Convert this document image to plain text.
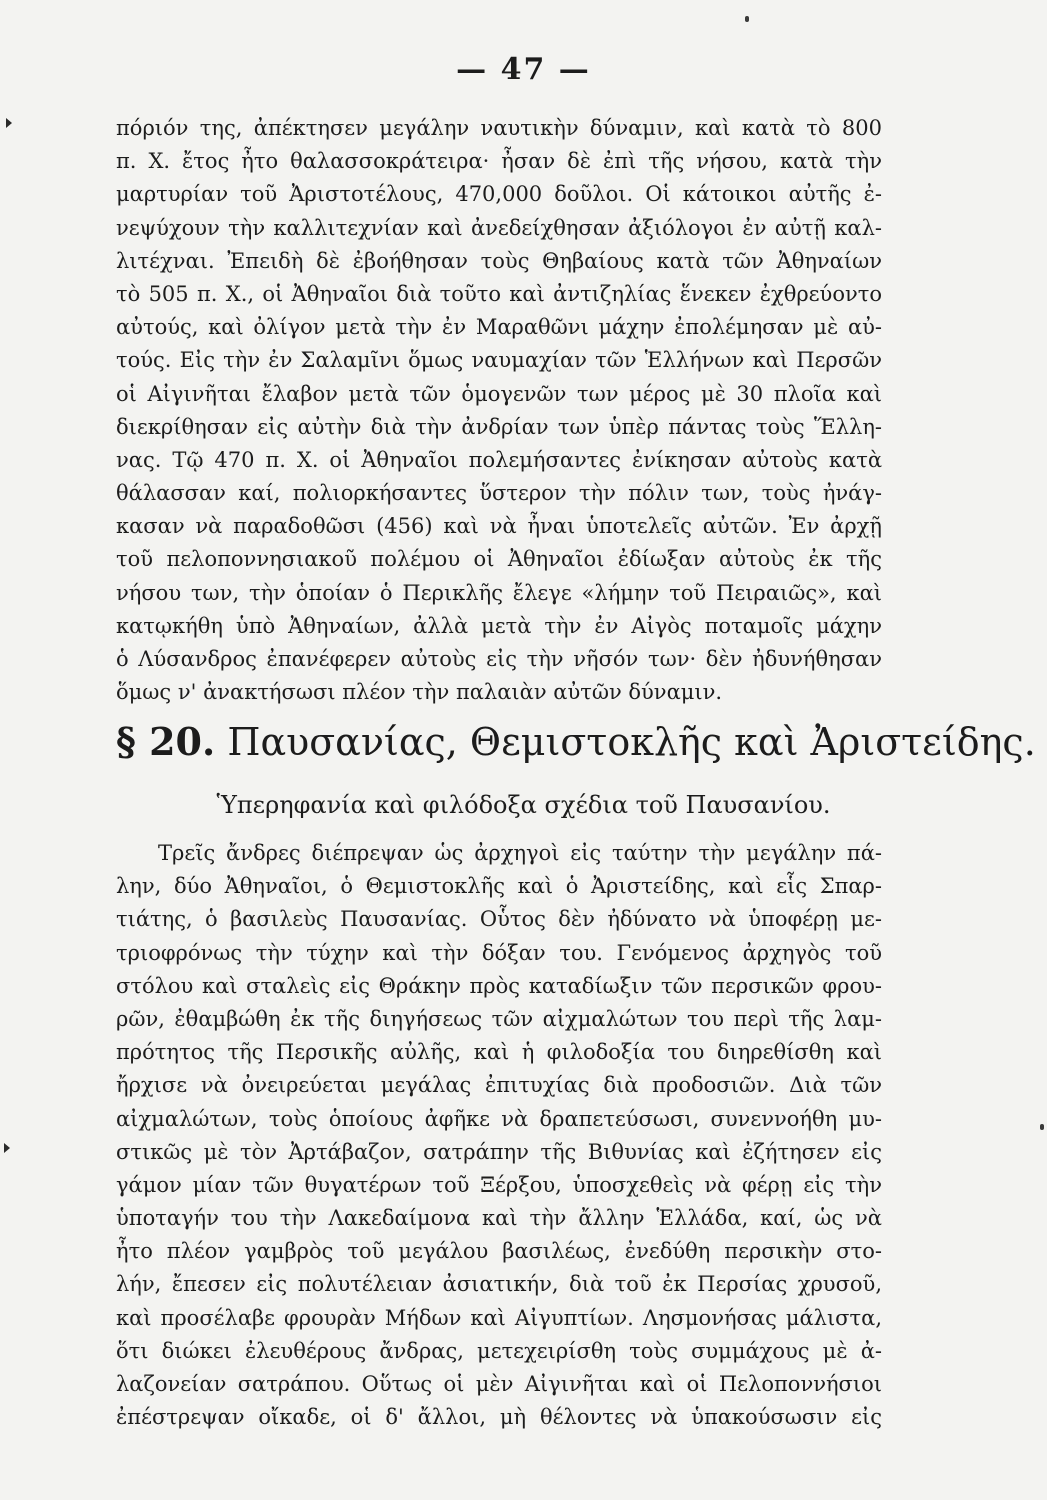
— 47 —
πόριόν της, ἀπέκτησεν μεγάλην ναυτικὴν δύναμιν, καὶ κατὰ τὸ 800
π. Χ. ἔτος ἦτο θαλασσοκράτειρα· ἦσαν δὲ ἐπὶ τῆς νήσου, κατὰ τὴν
μαρτυρίαν τοῦ Ἀριστοτέλους, 470,000 δοῦλοι. Οἱ κάτοικοι αὐτῆς ἐ-
νεψύχουν τὴν καλλιτεχνίαν καὶ ἀνεδείχθησαν ἀξιόλογοι ἐν αὐτῇ καλ-
λιτέχναι. Ἐπειδὴ δὲ ἐβοήθησαν τοὺς Θηβαίους κατὰ τῶν Ἀθηναίων
τὸ 505 π. Χ., οἱ Ἀθηναῖοι διὰ τοῦτο καὶ ἀντιζηλίας ἕνεκεν ἐχθρεύοντο
αὐτούς, καὶ ὀλίγον μετὰ τὴν ἐν Μαραθῶνι μάχην ἐπολέμησαν μὲ αὐ-
τούς. Εἰς τὴν ἐν Σαλαμῖνι ὅμως ναυμαχίαν τῶν Ἑλλήνων καὶ Περσῶν
οἱ Αἰγινῆται ἔλαβον μετὰ τῶν ὁμογενῶν των μέρος μὲ 30 πλοῖα καὶ
διεκρίθησαν εἰς αὐτὴν διὰ τὴν ἀνδρίαν των ὑπὲρ πάντας τοὺς Ἕλλη-
νας. Τῷ 470 π. Χ. οἱ Ἀθηναῖοι πολεμήσαντες ἐνίκησαν αὐτοὺς κατὰ
θάλασσαν καί, πολιορκήσαντες ὕστερον τὴν πόλιν των, τοὺς ἠνάγ-
κασαν νὰ παραδοθῶσι (456) καὶ νὰ ἦναι ὑποτελεῖς αὐτῶν. Ἐν ἀρχῇ
τοῦ πελοποννησιακοῦ πολέμου οἱ Ἀθηναῖοι ἐδίωξαν αὐτοὺς ἐκ τῆς
νήσου των, τὴν ὁποίαν ὁ Περικλῆς ἔλεγε «λήμην τοῦ Πειραιῶς», καὶ
κατῳκήθη ὑπὸ Ἀθηναίων, ἀλλὰ μετὰ τὴν ἐν Αἰγὸς ποταμοῖς μάχην
ὁ Λύσανδρος ἐπανέφερεν αὐτοὺς εἰς τὴν νῆσόν των· δὲν ἠδυνήθησαν
ὅμως ν' ἀνακτήσωσι πλέον τὴν παλαιὰν αὐτῶν δύναμιν.
§ 20. Παυσανίας, Θεμιστοκλῆς καὶ Ἀριστείδης.
Ὑπερηφανία καὶ φιλόδοξα σχέδια τοῦ Παυσανίου.
Τρεῖς ἄνδρες διέπρεψαν ὡς ἀρχηγοὶ εἰς ταύτην τὴν μεγάλην πά-
λην, δύο Ἀθηναῖοι, ὁ Θεμιστοκλῆς καὶ ὁ Ἀριστείδης, καὶ εἷς Σπαρ-
τιάτης, ὁ βασιλεὺς Παυσανίας. Οὗτος δὲν ἠδύνατο νὰ ὑποφέρῃ με-
τριοφρόνως τὴν τύχην καὶ τὴν δόξαν του. Γενόμενος ἀρχηγὸς τοῦ
στόλου καὶ σταλεὶς εἰς Θράκην πρὸς καταδίωξιν τῶν περσικῶν φρου-
ρῶν, ἐθαμβώθη ἐκ τῆς διηγήσεως τῶν αἰχμαλώτων του περὶ τῆς λαμ-
πρότητος τῆς Περσικῆς αὐλῆς, καὶ ἡ φιλοδοξία του διηρεθίσθη καὶ
ἤρχισε νὰ ὀνειρεύεται μεγάλας ἐπιτυχίας διὰ προδοσιῶν. Διὰ τῶν
αἰχμαλώτων, τοὺς ὁποίους ἀφῆκε νὰ δραπετεύσωσι, συνεννοήθη μυ-
στικῶς μὲ τὸν Ἀρτάβαζον, σατράπην τῆς Βιθυνίας καὶ ἐζήτησεν εἰς
γάμον μίαν τῶν θυγατέρων τοῦ Ξέρξου, ὑποσχεθεὶς νὰ φέρῃ εἰς τὴν
ὑποταγήν του τὴν Λακεδαίμονα καὶ τὴν ἄλλην Ἑλλάδα, καί, ὡς νὰ
ἦτο πλέον γαμβρὸς τοῦ μεγάλου βασιλέως, ἐνεδύθη περσικὴν στο-
λήν, ἔπεσεν εἰς πολυτέλειαν ἀσιατικήν, διὰ τοῦ ἐκ Περσίας χρυσοῦ,
καὶ προσέλαβε φρουρὰν Μήδων καὶ Αἰγυπτίων. Λησμονήσας μάλιστα,
ὅτι διώκει ἐλευθέρους ἄνδρας, μετεχειρίσθη τοὺς συμμάχους μὲ ἀ-
λαζονείαν σατράπου. Οὕτως οἱ μὲν Αἰγινῆται καὶ οἱ Πελοποννήσιοι
ἐπέστρεψαν οἴκαδε, οἱ δ' ἄλλοι, μὴ θέλοντες νὰ ὑπακούσωσιν εἰς
